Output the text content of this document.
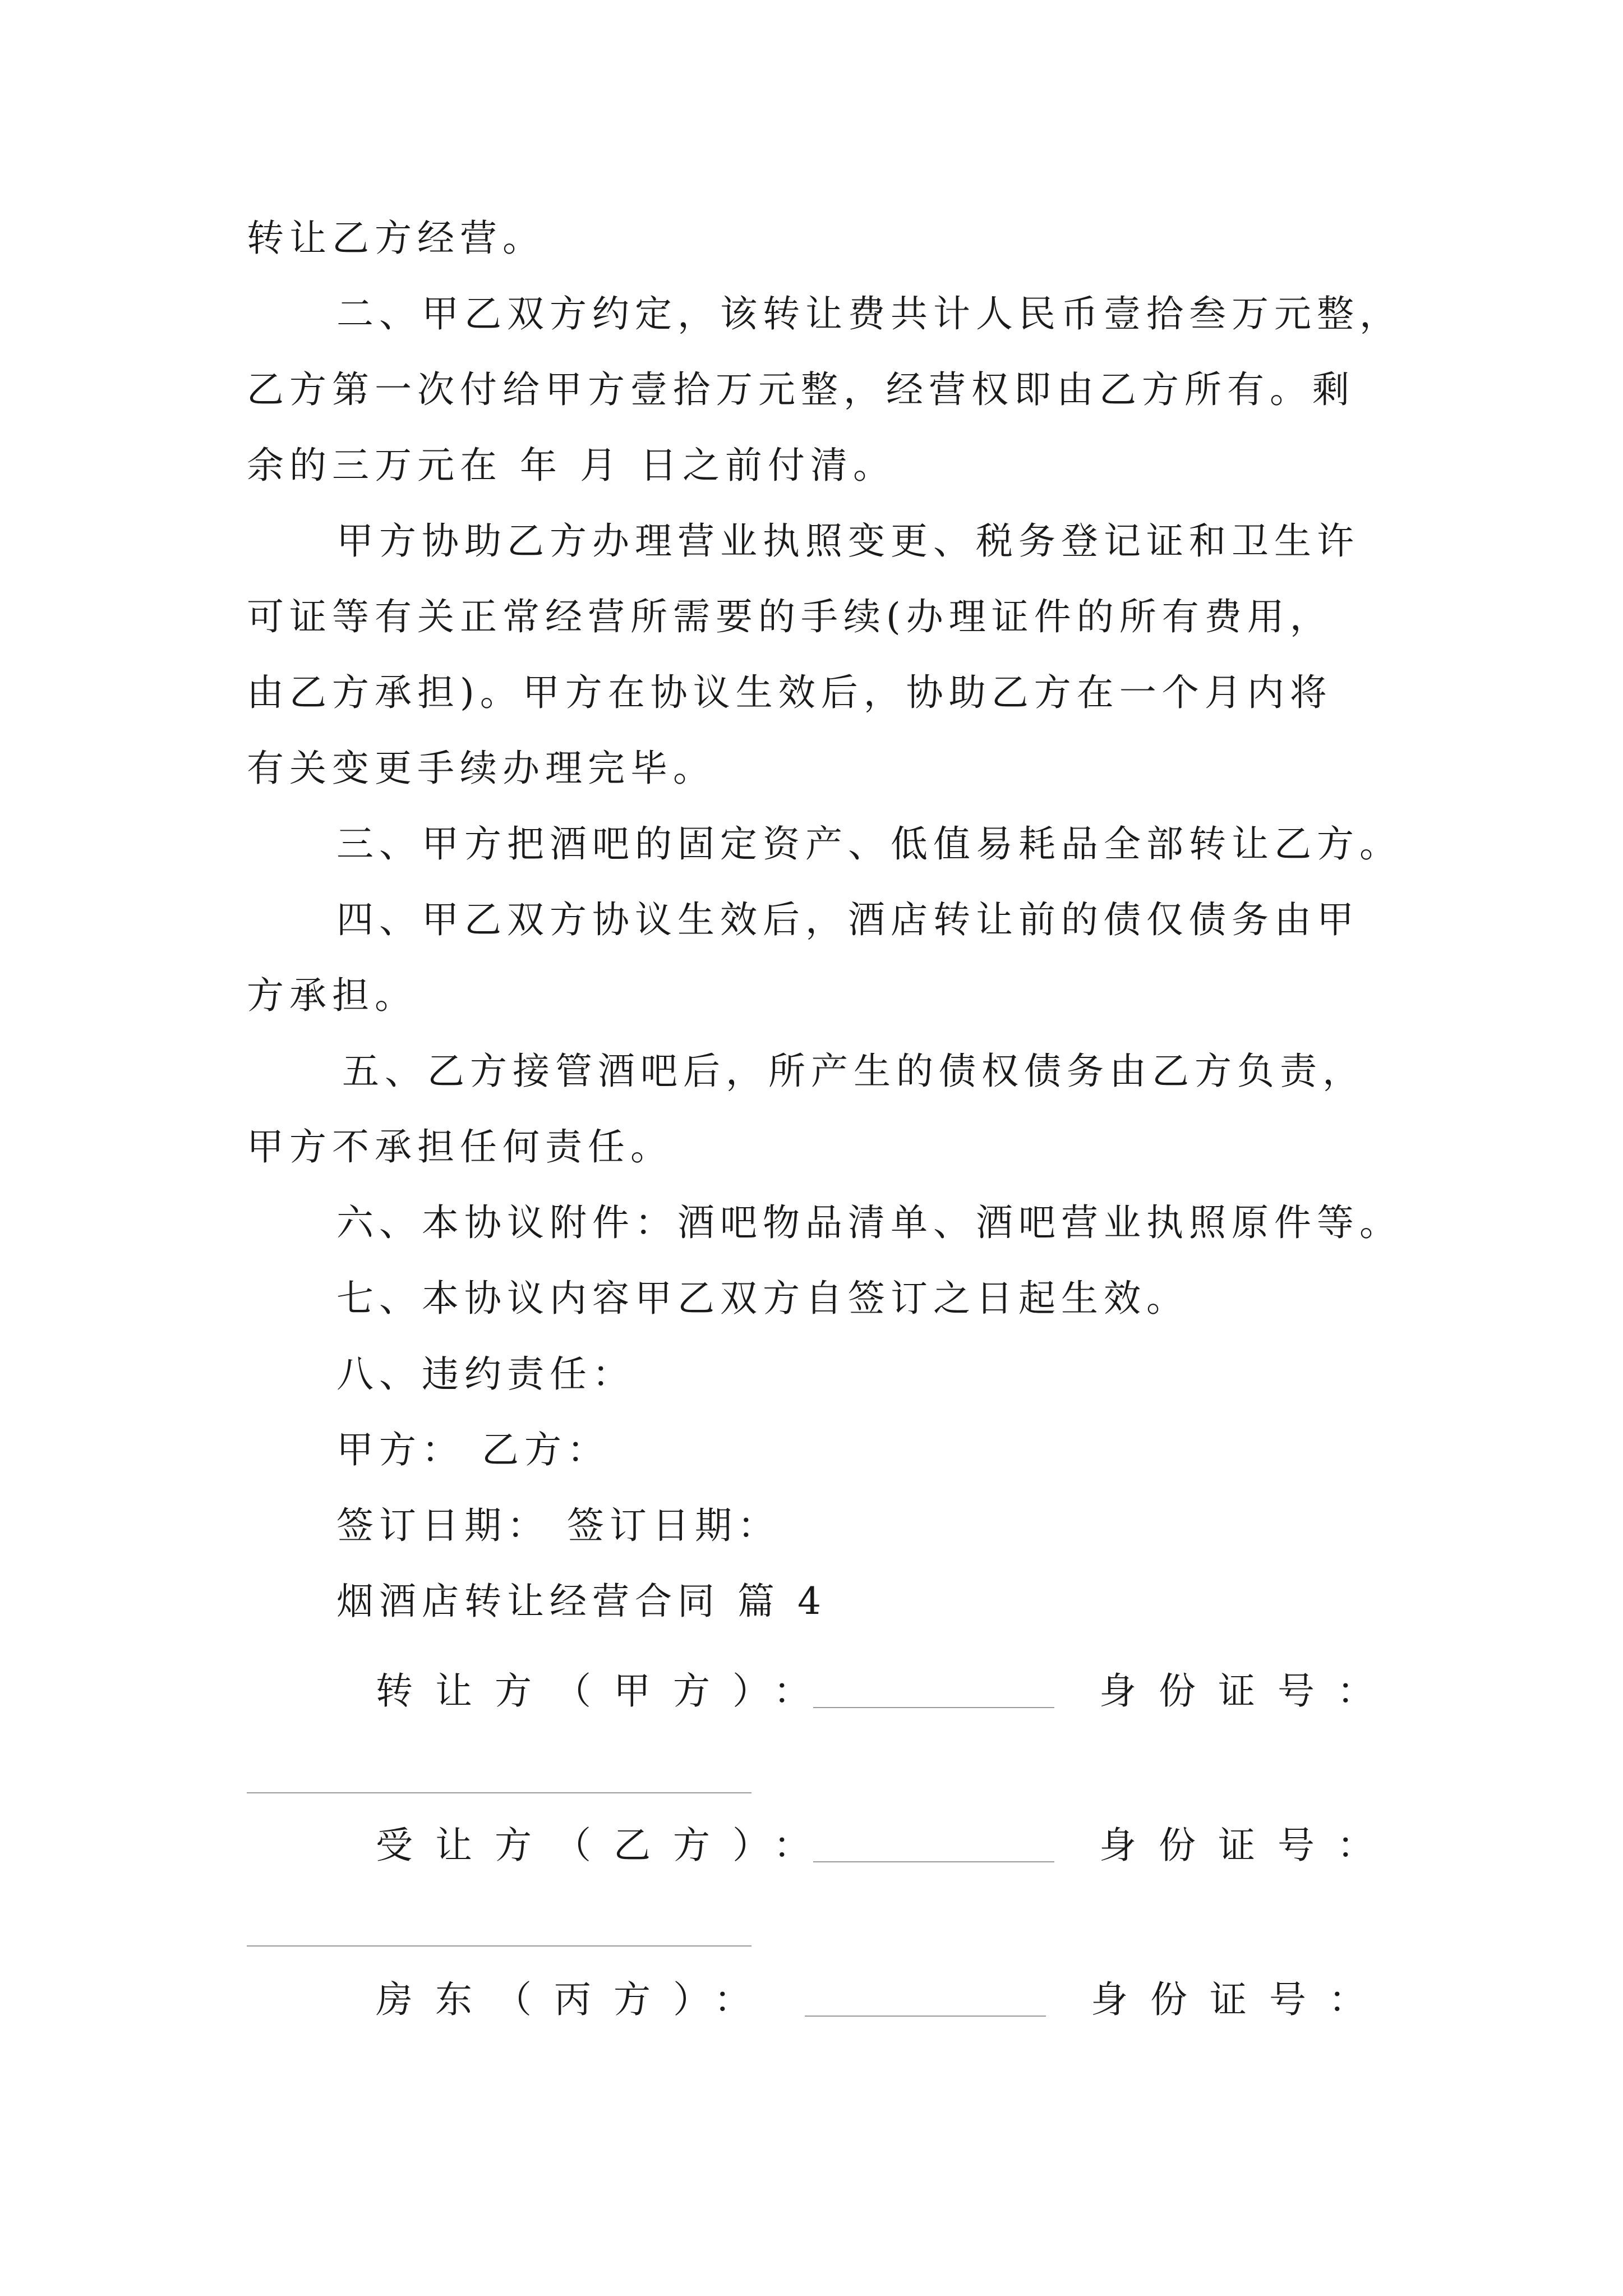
转让乙方经营。
二、甲乙双方约定，该转让费共计人民币壹拾叁万元整，
乙方第一次付给甲方壹拾万元整，经营权即由乙方所有。剩
余的三万元在 年 月 日之前付清。
甲方协助乙方办理营业执照变更、税务登记证和卫生许
可证等有关正常经营所需要的手续(办理证件的所有费用，
由乙方承担)。甲方在协议生效后，协助乙方在一个月内将
有关变更手续办理完毕。
三、甲方把酒吧的固定资产、低值易耗品全部转让乙方。
四、甲乙双方协议生效后，酒店转让前的债仅债务由甲
方承担。
五、乙方接管酒吧后，所产生的债权债务由乙方负责，
甲方不承担任何责任。
六、本协议附件：酒吧物品清单、酒吧营业执照原件等。
七、本协议内容甲乙双方自签订之日起生效。
八、违约责任：
甲方： 乙方：
签订日期： 签订日期：
烟酒店转让经营合同 篇 4
转让方（甲方）：	身份证号：
受让方（乙方）：	身份证号：
房东（丙方）：	身份证号：
